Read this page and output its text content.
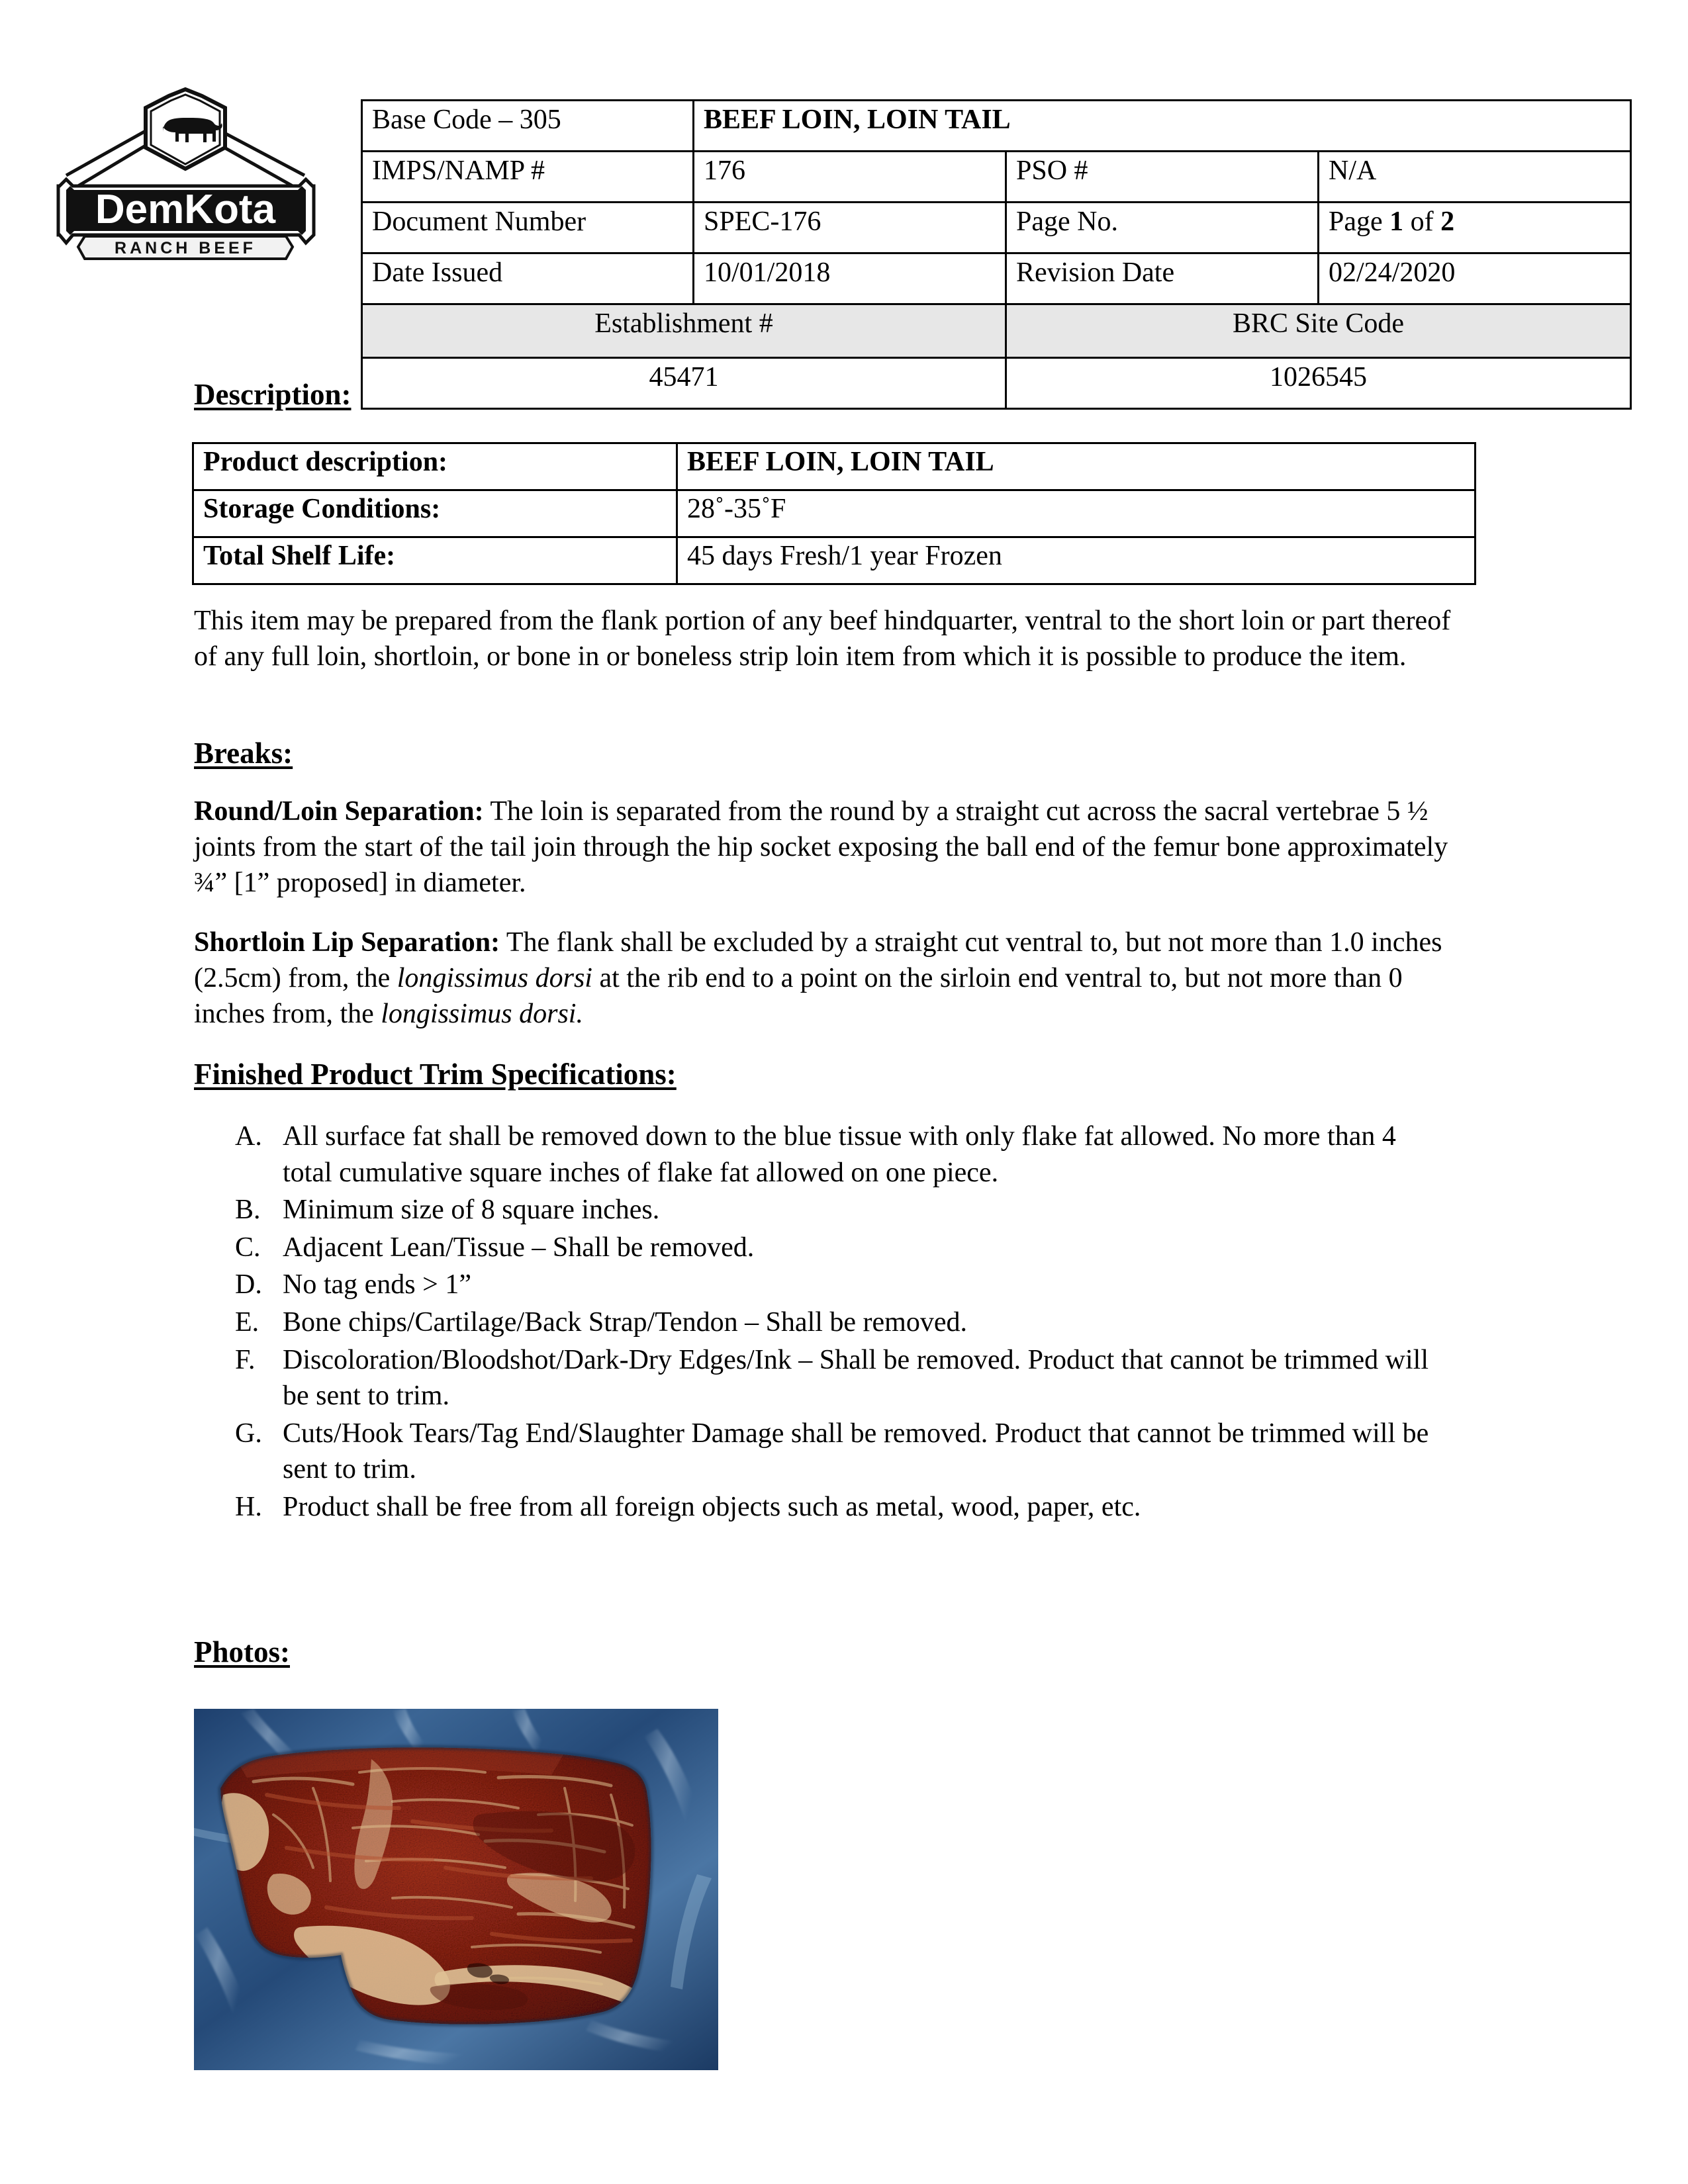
DemKota
RANCH BEEF
Base Code – 305	BEEF LOIN, LOIN TAIL		
IMPS/NAMP #	176	PSO #	N/A
Document Number	SPEC-176	Page No.	Page 1 of 2
Date Issued	10/01/2018	Revision Date	02/24/2020
Establishment #		BRC Site Code	
45471		1026545	
Description:
Product description:	BEEF LOIN, LOIN TAIL
Storage Conditions:	28˚-35˚F
Total Shelf Life:	45 days Fresh/1 year Frozen
This item may be prepared from the flank portion of any beef hindquarter, ventral to the short loin or part thereof of any full loin, shortloin, or bone in or boneless strip loin item from which it is possible to produce the item.
Breaks:
Round/Loin Separation: The loin is separated from the round by a straight cut across the sacral vertebrae 5 ½ joints from the start of the tail join through the hip socket exposing the ball end of the femur bone approximately ¾” [1” proposed] in diameter.
Shortloin Lip Separation: The flank shall be excluded by a straight cut ventral to, but not more than 1.0 inches (2.5cm) from, the longissimus dorsi at the rib end to a point on the sirloin end ventral to, but not more than 0 inches from, the longissimus dorsi.
Finished Product Trim Specifications:
A. All surface fat shall be removed down to the blue tissue with only flake fat allowed. No more than 4 total cumulative square inches of flake fat allowed on one piece.
B. Minimum size of 8 square inches.
C. Adjacent Lean/Tissue – Shall be removed.
D. No tag ends > 1”
E. Bone chips/Cartilage/Back Strap/Tendon – Shall be removed.
F. Discoloration/Bloodshot/Dark-Dry Edges/Ink – Shall be removed. Product that cannot be trimmed will be sent to trim.
G. Cuts/Hook Tears/Tag End/Slaughter Damage shall be removed. Product that cannot be trimmed will be sent to trim.
H. Product shall be free from all foreign objects such as metal, wood, paper, etc.
Photos:
